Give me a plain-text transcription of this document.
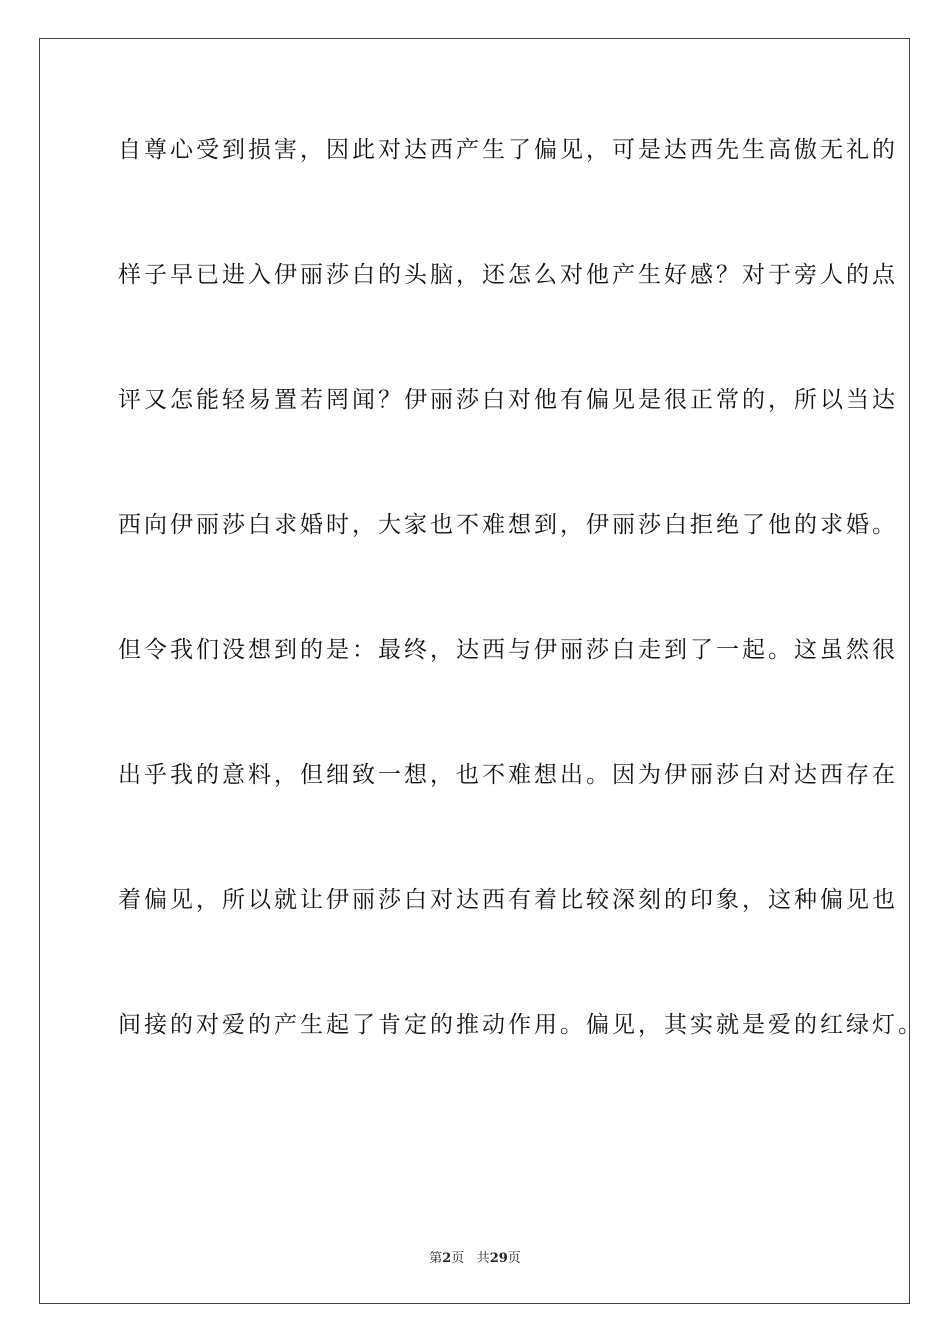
自尊心受到损害，因此对达西产生了偏见，可是达西先生高傲无礼的
样子早已进入伊丽莎白的头脑，还怎么对他产生好感？对于旁人的点
评又怎能轻易置若罔闻？伊丽莎白对他有偏见是很正常的，所以当达
西向伊丽莎白求婚时，大家也不难想到，伊丽莎白拒绝了他的求婚。
但令我们没想到的是：最终，达西与伊丽莎白走到了一起。这虽然很
出乎我的意料，但细致一想，也不难想出。因为伊丽莎白对达西存在
着偏见，所以就让伊丽莎白对达西有着比较深刻的印象，这种偏见也
间接的对爱的产生起了肯定的推动作用。偏见，其实就是爱的红绿灯。
第2页 共29页
